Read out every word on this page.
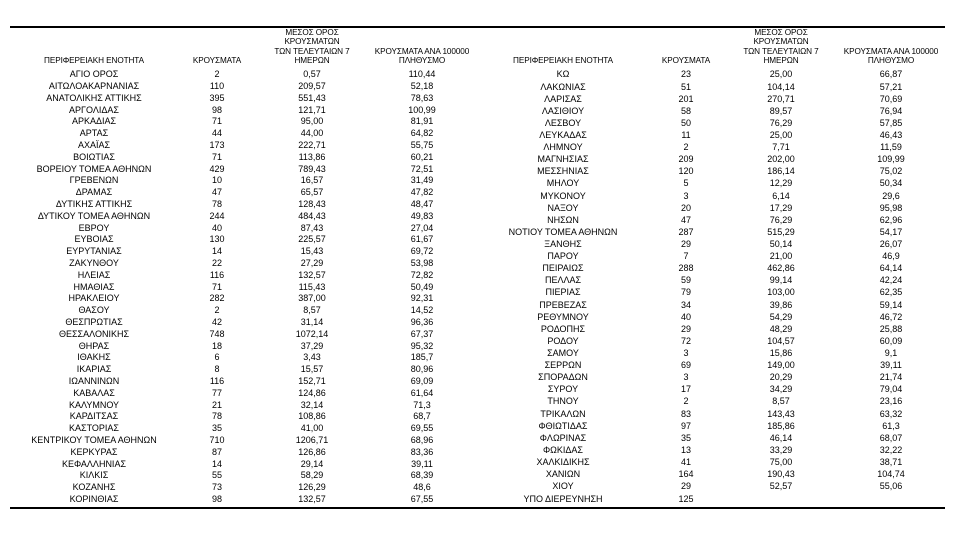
ΠΕΡΙΦΕΡΕΙΑΚΗ ΕΝΟΤΗΤΑ	ΚΡΟΥΣΜΑΤΑ	ΜΕΣΟΣ ΟΡΟΣ ΚΡΟΥΣΜΑΤΩΝ
ΤΩΝ ΤΕΛΕΥΤΑΙΩΝ 7 ΗΜΕΡΩΝ	ΚΡΟΥΣΜΑΤΑ ΑΝΑ 100000
ΠΛΗΘΥΣΜΟ
ΑΓΙΟ ΟΡΟΣ	2	0,57	110,44
ΑΙΤΩΛΟΑΚΑΡΝΑΝΙΑΣ	110	209,57	52,18
ΑΝΑΤΟΛΙΚΗΣ ΑΤΤΙΚΗΣ	395	551,43	78,63
ΑΡΓΟΛΙΔΑΣ	98	121,71	100,99
ΑΡΚΑΔΙΑΣ	71	95,00	81,91
ΑΡΤΑΣ	44	44,00	64,82
ΑΧΑΪΑΣ	173	222,71	55,75
ΒΟΙΩΤΙΑΣ	71	113,86	60,21
ΒΟΡΕΙΟΥ ΤΟΜΕΑ ΑΘΗΝΩΝ	429	789,43	72,51
ΓΡΕΒΕΝΩΝ	10	16,57	31,49
ΔΡΑΜΑΣ	47	65,57	47,82
ΔΥΤΙΚΗΣ ΑΤΤΙΚΗΣ	78	128,43	48,47
ΔΥΤΙΚΟΥ ΤΟΜΕΑ ΑΘΗΝΩΝ	244	484,43	49,83
ΕΒΡΟΥ	40	87,43	27,04
ΕΥΒΟΙΑΣ	130	225,57	61,67
ΕΥΡΥΤΑΝΙΑΣ	14	15,43	69,72
ΖΑΚΥΝΘΟΥ	22	27,29	53,98
ΗΛΕΙΑΣ	116	132,57	72,82
ΗΜΑΘΙΑΣ	71	115,43	50,49
ΗΡΑΚΛΕΙΟΥ	282	387,00	92,31
ΘΑΣΟΥ	2	8,57	14,52
ΘΕΣΠΡΩΤΙΑΣ	42	31,14	96,36
ΘΕΣΣΑΛΟΝΙΚΗΣ	748	1072,14	67,37
ΘΗΡΑΣ	18	37,29	95,32
ΙΘΑΚΗΣ	6	3,43	185,7
ΙΚΑΡΙΑΣ	8	15,57	80,96
ΙΩΑΝΝΙΝΩΝ	116	152,71	69,09
ΚΑΒΑΛΑΣ	77	124,86	61,64
ΚΑΛΥΜΝΟΥ	21	32,14	71,3
ΚΑΡΔΙΤΣΑΣ	78	108,86	68,7
ΚΑΣΤΟΡΙΑΣ	35	41,00	69,55
ΚΕΝΤΡΙΚΟΥ ΤΟΜΕΑ ΑΘΗΝΩΝ	710	1206,71	68,96
ΚΕΡΚΥΡΑΣ	87	126,86	83,36
ΚΕΦΑΛΛΗΝΙΑΣ	14	29,14	39,11
ΚΙΛΚΙΣ	55	58,29	68,39
ΚΟΖΑΝΗΣ	73	126,29	48,6
ΚΟΡΙΝΘΙΑΣ	98	132,57	67,55
ΠΕΡΙΦΕΡΕΙΑΚΗ ΕΝΟΤΗΤΑ	ΚΡΟΥΣΜΑΤΑ	ΜΕΣΟΣ ΟΡΟΣ ΚΡΟΥΣΜΑΤΩΝ
ΤΩΝ ΤΕΛΕΥΤΑΙΩΝ 7 ΗΜΕΡΩΝ	ΚΡΟΥΣΜΑΤΑ ΑΝΑ 100000
ΠΛΗΘΥΣΜΟ
ΚΩ	23	25,00	66,87
ΛΑΚΩΝΙΑΣ	51	104,14	57,21
ΛΑΡΙΣΑΣ	201	270,71	70,69
ΛΑΣΙΘΙΟΥ	58	89,57	76,94
ΛΕΣΒΟΥ	50	76,29	57,85
ΛΕΥΚΑΔΑΣ	11	25,00	46,43
ΛΗΜΝΟΥ	2	7,71	11,59
ΜΑΓΝΗΣΙΑΣ	209	202,00	109,99
ΜΕΣΣΗΝΙΑΣ	120	186,14	75,02
ΜΗΛΟΥ	5	12,29	50,34
ΜΥΚΟΝΟΥ	3	6,14	29,6
ΝΑΞΟΥ	20	17,29	95,98
ΝΗΣΩΝ	47	76,29	62,96
ΝΟΤΙΟΥ ΤΟΜΕΑ ΑΘΗΝΩΝ	287	515,29	54,17
ΞΑΝΘΗΣ	29	50,14	26,07
ΠΑΡΟΥ	7	21,00	46,9
ΠΕΙΡΑΙΩΣ	288	462,86	64,14
ΠΕΛΛΑΣ	59	99,14	42,24
ΠΙΕΡΙΑΣ	79	103,00	62,35
ΠΡΕΒΕΖΑΣ	34	39,86	59,14
ΡΕΘΥΜΝΟΥ	40	54,29	46,72
ΡΟΔΟΠΗΣ	29	48,29	25,88
ΡΟΔΟΥ	72	104,57	60,09
ΣΑΜΟΥ	3	15,86	9,1
ΣΕΡΡΩΝ	69	149,00	39,11
ΣΠΟΡΑΔΩΝ	3	20,29	21,74
ΣΥΡΟΥ	17	34,29	79,04
ΤΗΝΟΥ	2	8,57	23,16
ΤΡΙΚΑΛΩΝ	83	143,43	63,32
ΦΘΙΩΤΙΔΑΣ	97	185,86	61,3
ΦΛΩΡΙΝΑΣ	35	46,14	68,07
ΦΩΚΙΔΑΣ	13	33,29	32,22
ΧΑΛΚΙΔΙΚΗΣ	41	75,00	38,71
ΧΑΝΙΩΝ	164	190,43	104,74
ΧΙΟΥ	29	52,57	55,06
ΥΠΟ ΔΙΕΡΕΥΝΗΣΗ	125		
